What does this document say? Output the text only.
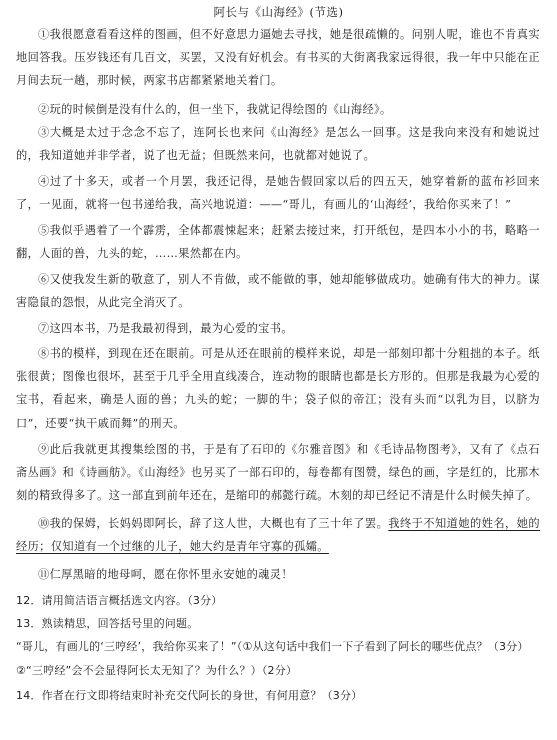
阿长与《山海经》(节选)

①我很愿意看看这样的图画，但不好意思力逼她去寻找，她是很疏懒的。问别人呢，谁也不肯真实地回答我。压岁钱还有几百文，买罢，又没有好机会。有书买的大街离我家远得很，我一年中只能在正月间去玩一趟，那时候，两家书店都紧紧地关着门。

②玩的时候倒是没有什么的，但一坐下，我就记得绘图的《山海经》。

③大概是太过于念念不忘了，连阿长也来问《山海经》是怎么一回事。这是我向来没有和她说过的，我知道她并非学者，说了也无益；但既然来问，也就都对她说了。

④过了十多天，或者一个月罢，我还记得，是她告假回家以后的四五天，她穿着新的蓝布衫回来了，一见面，就将一包书递给我，高兴地说道：——“哥儿，有画儿的‘山海经’，我给你买来了！”

⑤我似乎遇着了一个霹雳，全体都震悚起来；赶紧去接过来，打开纸包，是四本小小的书，略略一翻，人面的兽，九头的蛇，……果然都在内。

⑥又使我发生新的敬意了，别人不肯做，或不能做的事，她却能够做成功。她确有伟大的神力。谋害隐鼠的怨恨，从此完全消灭了。

⑦这四本书，乃是我最初得到，最为心爱的宝书。

⑧书的模样，到现在还在眼前。可是从还在眼前的模样来说，却是一部刻印都十分粗拙的本子。纸张很黄；图像也很坏，甚至于几乎全用直线凑合，连动物的眼睛也都是长方形的。但那是我最为心爱的宝书，看起来，确是人面的兽；九头的蛇；一脚的牛；袋子似的帝江；没有头而“以乳为目，以脐为口”，还要“执干戚而舞”的刑天。

⑨此后我就更其搜集绘图的书，于是有了石印的《尔雅音图》和《毛诗品物图考》，又有了《点石斋丛画》和《诗画舫》。《山海经》也另买了一部石印的，每卷都有图赞，绿色的画，字是红的，比那木刻的精致得多了。这一部直到前年还在，是缩印的郝懿行疏。木刻的却已经记不清是什么时候失掉了。

⑩我的保姆，长妈妈即阿长，辞了这人世，大概也有了三十年了罢。我终于不知道她的姓名，她的经历；仅知道有一个过继的儿子，她大约是青年守寡的孤孀。

⑪仁厚黑暗的地母呵，愿在你怀里永安她的魂灵！

12．请用简洁语言概括选文内容。（3分）

13．熟读精思，回答括号里的问题。

“哥儿，有画儿的‘三哼经’，我给你买来了！”（①从这句话中我们一下子看到了阿长的哪些优点？（3分）②“三哼经”会不会显得阿长太无知了？为什么？）（2分）

14．作者在行文即将结束时补充交代阿长的身世，有何用意？（3分）
